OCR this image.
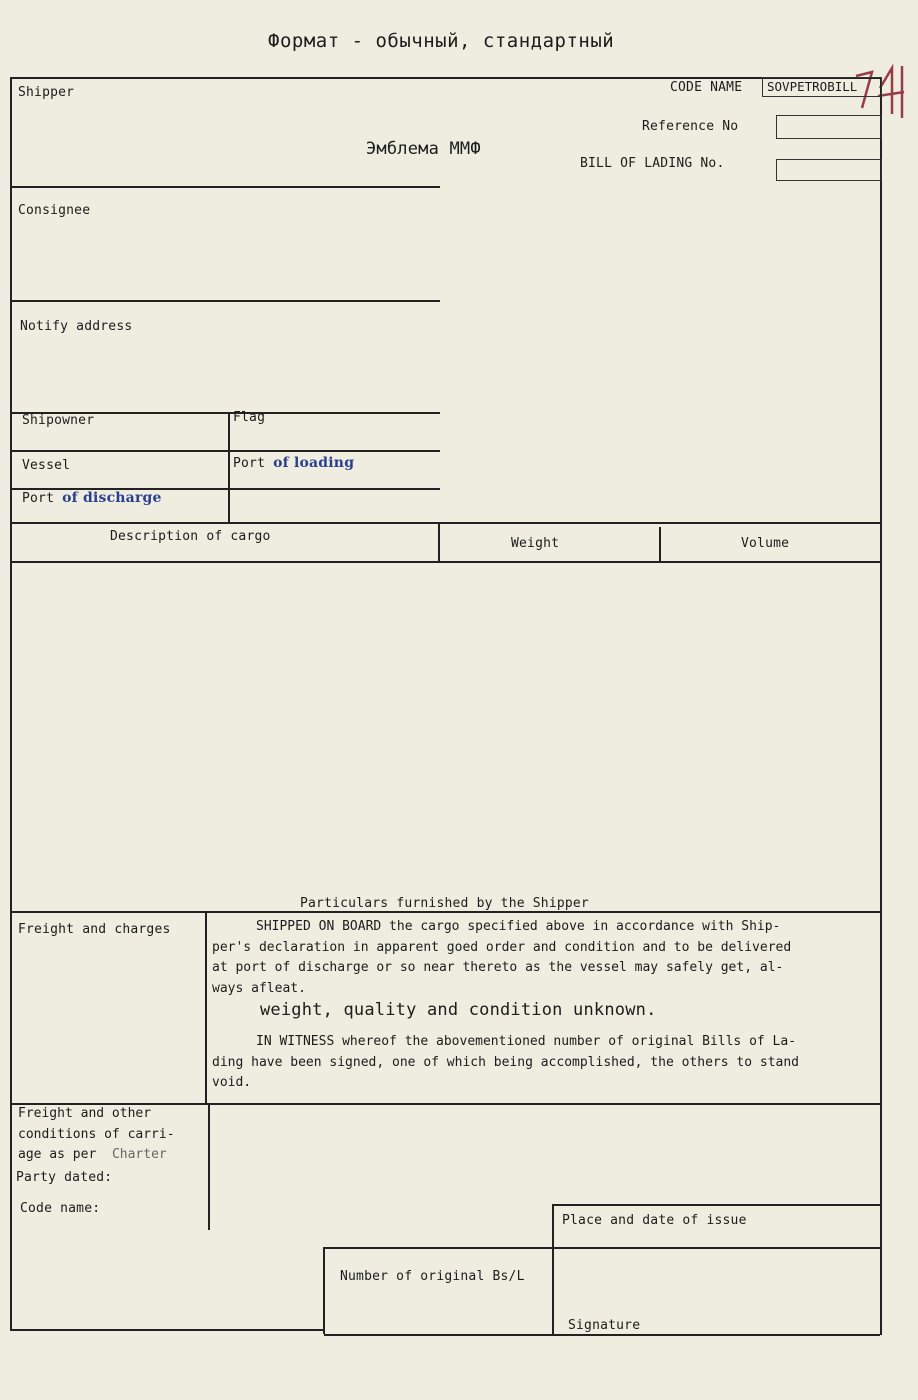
Формат - обычный, стандартный
Shipper
Эмблема ММФ
CODE NAME SOVPETROBILL
Reference No
BILL OF LADING No.
Consignee
Notify address
Shipowner	Flag
Vessel	Port of loading
Port of discharge
Description of cargo	Weight	Volume
Particulars furnished by the Shipper
Freight and charges	SHIPPED ON BOARD the cargo specified above in accordance with Ship-
per's declaration in apparent goed order and condition and to be delivered
at port of discharge or so near thereto as the vessel may safely get, al-
ways afleat.
weight, quality and condition unknown.
IN WITNESS whereof the abovementioned number of original Bills of La-
ding have been signed, one of which being accomplished, the others to stand
void.
Freight and other
conditions of carri-
age as per Charter
Party dated:
Code name:
Place and date of issue
Number of original Bs/L
Signature
